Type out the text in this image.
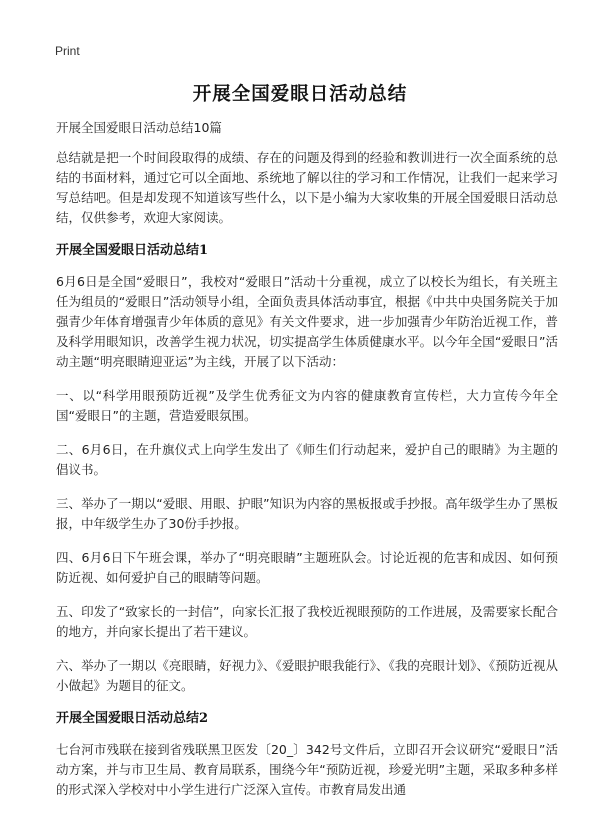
Print
开展全国爱眼日活动总结
开展全国爱眼日活动总结10篇

总结就是把一个时间段取得的成绩、存在的问题及得到的经验和教训进行一次全面系统的总结的书面材料，通过它可以全面地、系统地了解以往的学习和工作情况，让我们一起来学习写总结吧。但是却发现不知道该写些什么，以下是小编为大家收集的开展全国爱眼日活动总结，仅供参考，欢迎大家阅读。

开展全国爱眼日活动总结1

6月6日是全国“爱眼日”，我校对“爱眼日”活动十分重视，成立了以校长为组长，有关班主任为组员的“爱眼日”活动领导小组，全面负责具体活动事宜，根据《中共中央国务院关于加强青少年体育增强青少年体质的意见》有关文件要求，进一步加强青少年防治近视工作，普及科学用眼知识，改善学生视力状况，切实提高学生体质健康水平。以今年全国“爱眼日”活动主题“明亮眼睛迎亚运”为主线，开展了以下活动：

一、以“科学用眼预防近视”及学生优秀征文为内容的健康教育宣传栏，大力宣传今年全国“爱眼日”的主题，营造爱眼氛围。

二、6月6日，在升旗仪式上向学生发出了《师生们行动起来，爱护自己的眼睛》为主题的倡议书。

三、举办了一期以“爱眼、用眼、护眼”知识为内容的黑板报或手抄报。高年级学生办了黑板报，中年级学生办了30份手抄报。

四、6月6日下午班会课，举办了“明亮眼睛”主题班队会。讨论近视的危害和成因、如何预防近视、如何爱护自己的眼睛等问题。

五、印发了“致家长的一封信”，向家长汇报了我校近视眼预防的工作进展，及需要家长配合的地方，并向家长提出了若干建议。

六、举办了一期以《亮眼睛，好视力》、《爱眼护眼我能行》、《我的亮眼计划》、《预防近视从小做起》为题目的征文。

开展全国爱眼日活动总结2

七台河市残联在接到省残联黑卫医发〔20_〕342号文件后，立即召开会议研究“爱眼日”活动方案，并与市卫生局、教育局联系，围绕今年“预防近视，珍爱光明”主题，采取多种多样的形式深入学校对中小学生进行广泛深入宣传。市教育局发出通
